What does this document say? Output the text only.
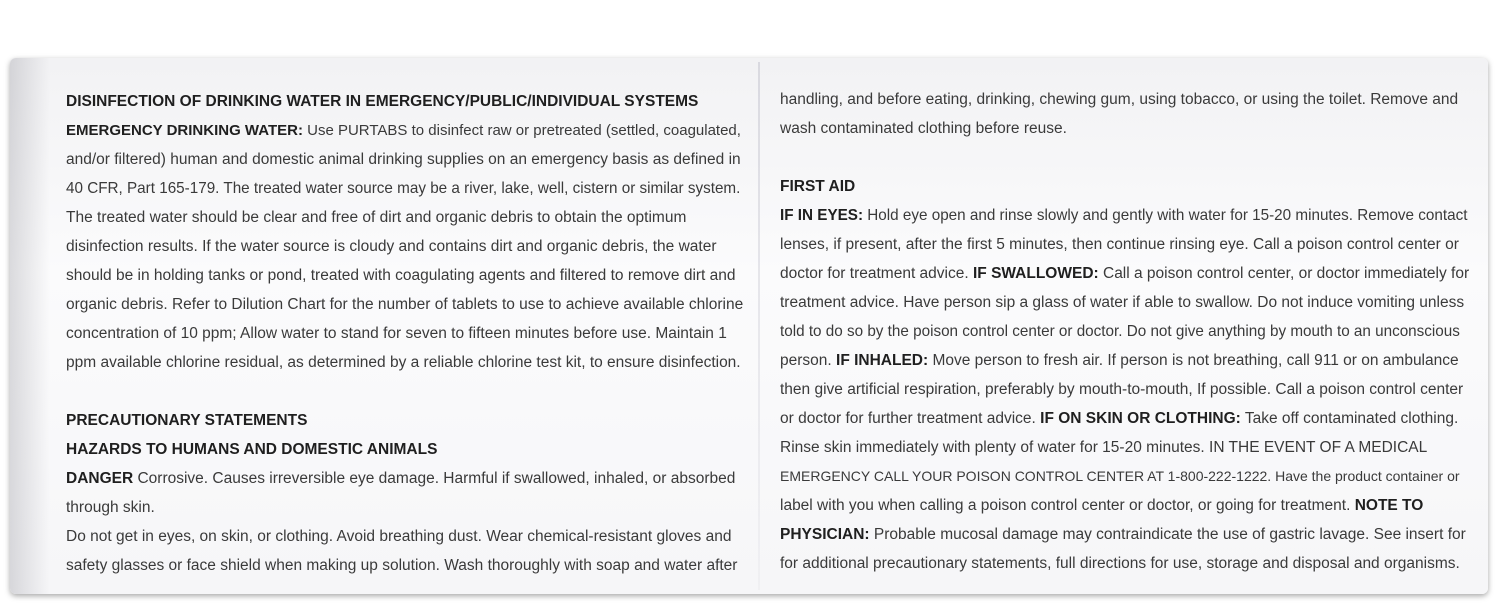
DISINFECTION OF DRINKING WATER IN EMERGENCY/PUBLIC/INDIVIDUAL SYSTEMS
EMERGENCY DRINKING WATER: Use PURTABS to disinfect raw or pretreated (settled, coagulated,
and/or filtered) human and domestic animal drinking supplies on an emergency basis as defined in
40 CFR, Part 165-179. The treated water source may be a river, lake, well, cistern or similar system.
The treated water should be clear and free of dirt and organic debris to obtain the optimum
disinfection results. If the water source is cloudy and contains dirt and organic debris, the water
should be in holding tanks or pond, treated with coagulating agents and filtered to remove dirt and
organic debris. Refer to Dilution Chart for the number of tablets to use to achieve available chlorine
concentration of 10 ppm; Allow water to stand for seven to fifteen minutes before use. Maintain 1
ppm available chlorine residual, as determined by a reliable chlorine test kit, to ensure disinfection.
PRECAUTIONARY STATEMENTS
HAZARDS TO HUMANS AND DOMESTIC ANIMALS
DANGER Corrosive. Causes irreversible eye damage. Harmful if swallowed, inhaled, or absorbed
through skin.
Do not get in eyes, on skin, or clothing. Avoid breathing dust. Wear chemical-resistant gloves and
safety glasses or face shield when making up solution. Wash thoroughly with soap and water after
handling, and before eating, drinking, chewing gum, using tobacco, or using the toilet. Remove and
wash contaminated clothing before reuse.
FIRST AID
IF IN EYES: Hold eye open and rinse slowly and gently with water for 15-20 minutes. Remove contact
lenses, if present, after the first 5 minutes, then continue rinsing eye. Call a poison control center or
doctor for treatment advice. IF SWALLOWED: Call a poison control center, or doctor immediately for
treatment advice. Have person sip a glass of water if able to swallow. Do not induce vomiting unless
told to do so by the poison control center or doctor. Do not give anything by mouth to an unconscious
person. IF INHALED: Move person to fresh air. If person is not breathing, call 911 or on ambulance
then give artificial respiration, preferably by mouth-to-mouth, If possible. Call a poison control center
or doctor for further treatment advice. IF ON SKIN OR CLOTHING: Take off contaminated clothing.
Rinse skin immediately with plenty of water for 15-20 minutes. IN THE EVENT OF A MEDICAL
EMERGENCY CALL YOUR POISON CONTROL CENTER AT 1-800-222-1222. Have the product container or
label with you when calling a poison control center or doctor, or going for treatment. NOTE TO
PHYSICIAN: Probable mucosal damage may contraindicate the use of gastric lavage. See insert for
for additional precautionary statements, full directions for use, storage and disposal and organisms.
